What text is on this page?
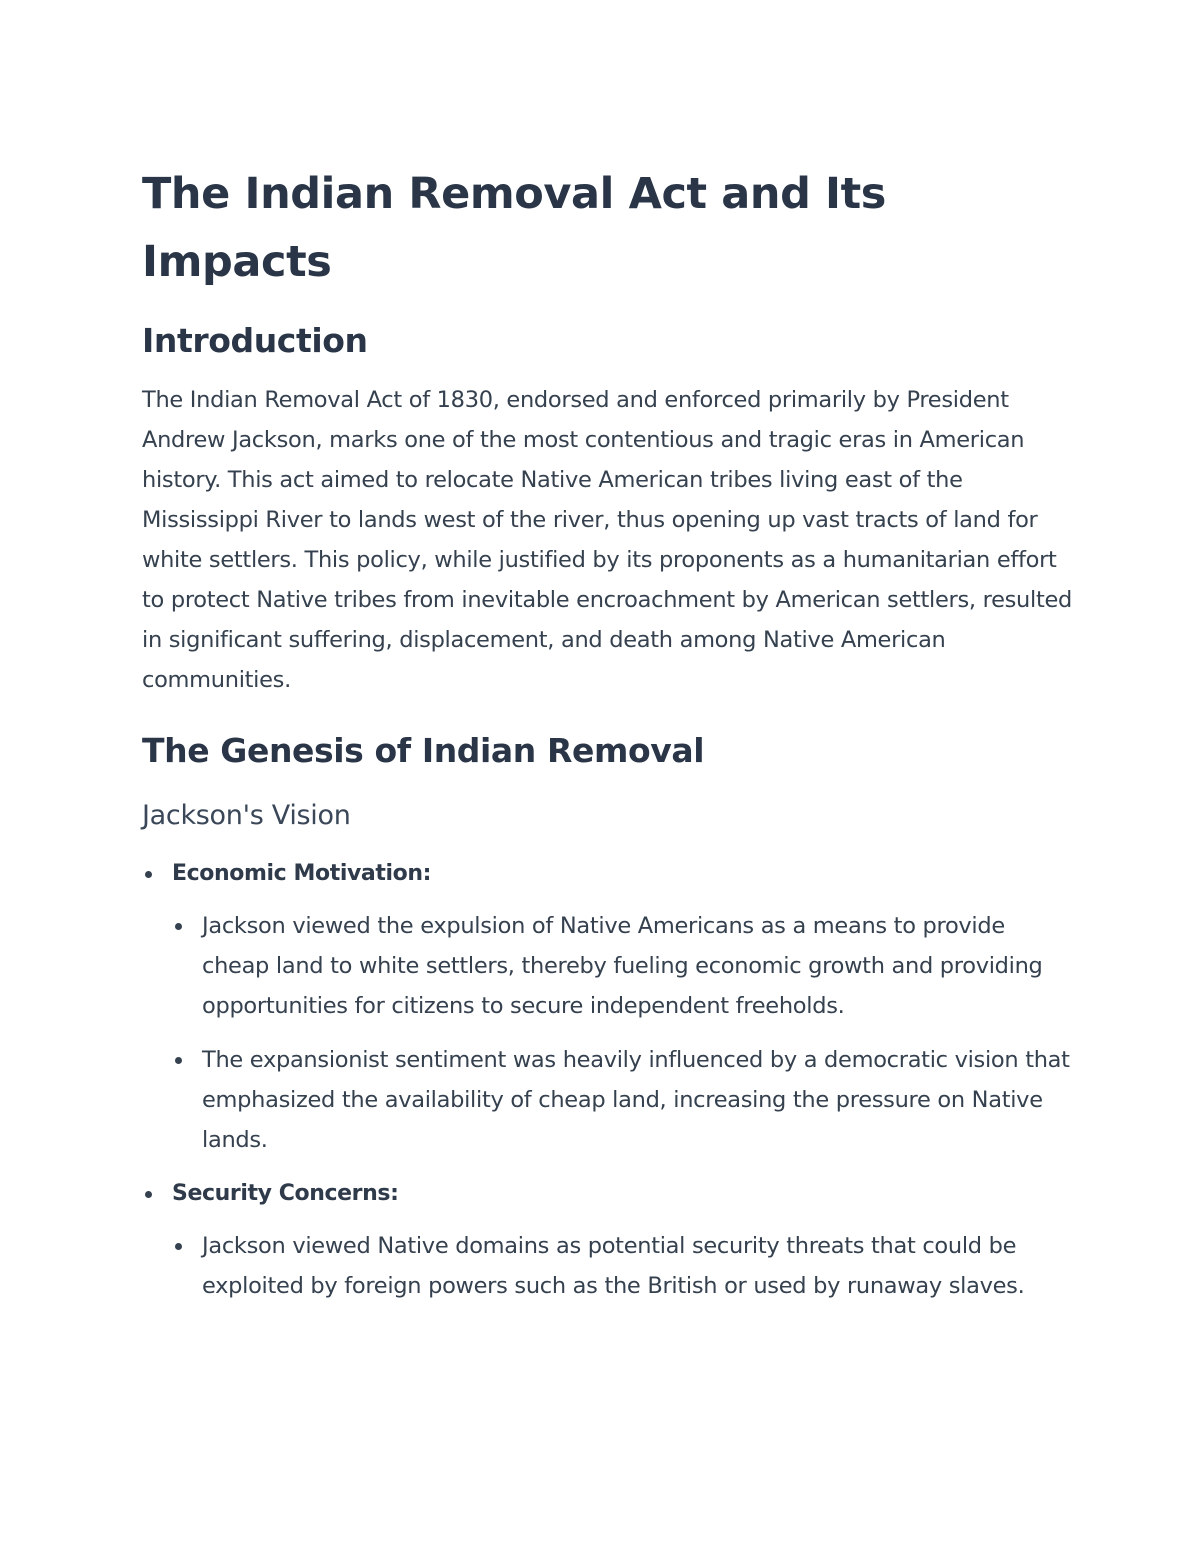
The Indian Removal Act and Its Impacts
Introduction

The Indian Removal Act of 1830, endorsed and enforced primarily by President Andrew Jackson, marks one of the most contentious and tragic eras in American history. This act aimed to relocate Native American tribes living east of the Mississippi River to lands west of the river, thus opening up vast tracts of land for white settlers. This policy, while justified by its proponents as a humanitarian effort to protect Native tribes from inevitable encroachment by American settlers, resulted in significant suffering, displacement, and death among Native American communities.

The Genesis of Indian Removal
Jackson's Vision
Economic Motivation:
Jackson viewed the expulsion of Native Americans as a means to provide cheap land to white settlers, thereby fueling economic growth and providing opportunities for citizens to secure independent freeholds.
The expansionist sentiment was heavily influenced by a democratic vision that emphasized the availability of cheap land, increasing the pressure on Native lands.
Security Concerns:
Jackson viewed Native domains as potential security threats that could be exploited by foreign powers such as the British or used by runaway slaves.
